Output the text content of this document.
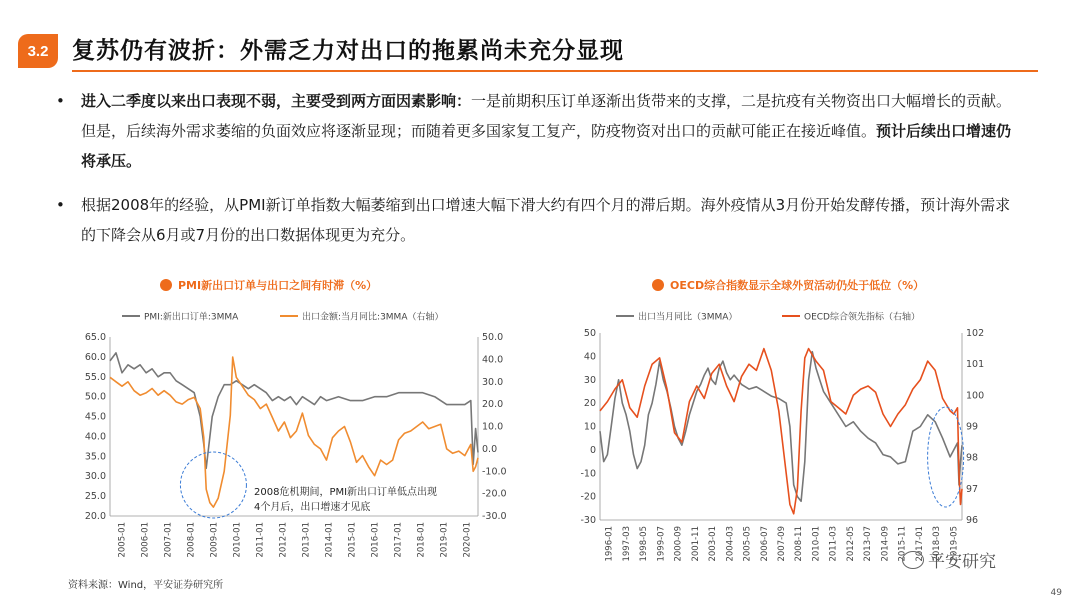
3.2	复苏仍有波折：外需乏力对出口的拖累尚未充分显现
•	进入二季度以来出口表现不弱，主要受到两方面因素影响：一是前期积压订单逐渐出货带来的支撑，二是抗疫有关物资出口大幅增长的贡献。但是，后续海外需求萎缩的负面效应将逐渐显现；而随着更多国家复工复产，防疫物资对出口的贡献可能正在接近峰值。预计后续出口增速仍将承压。
•	根据2008年的经验，从PMI新订单指数大幅萎缩到出口增速大幅下滑大约有四个月的滞后期。海外疫情从3月份开始发酵传播，预计海外需求的下降会从6月或7月份的出口数据体现更为充分。
PMI新出口订单与出口之间有时滞（%）	OECD综合指数显示全球外贸活动仍处于低位（%）
65.0
60.0
55.0
50.0
45.0
40.0
35.0
30.0
25.0
20.0
50.0
40.0
30.0
20.0
10.0
0.0
-10.0
-20.0
-30.0
2005-01 2006-01 2007-01 2008-01 2009-01 2010-01 2011-01 2012-01 2013-01 2014-01 2015-01 2016-01 2017-01 2018-01 2019-01 2020-01
PMI:新出口订单:3MMA	出口金额:当月同比:3MMA（右轴）
2008危机期间，PMI新出口订单低点出现
4个月后，出口增速才见底
50
40
30
20
10
0
-10
-20
-30
102
101
100
99
98
97
96
1996-01 1997-03 1998-05 1999-07 2000-09 2001-11 2003-01 2004-03 2005-05 2006-07 2007-09 2008-11 2010-01 2011-03 2012-05 2013-07 2014-09 2015-11 2017-01 2018-03 2019-05
出口当月同比（3MMA）	OECD综合领先指标（右轴）
资料来源：Wind，平安证券研究所
平安研究
49
